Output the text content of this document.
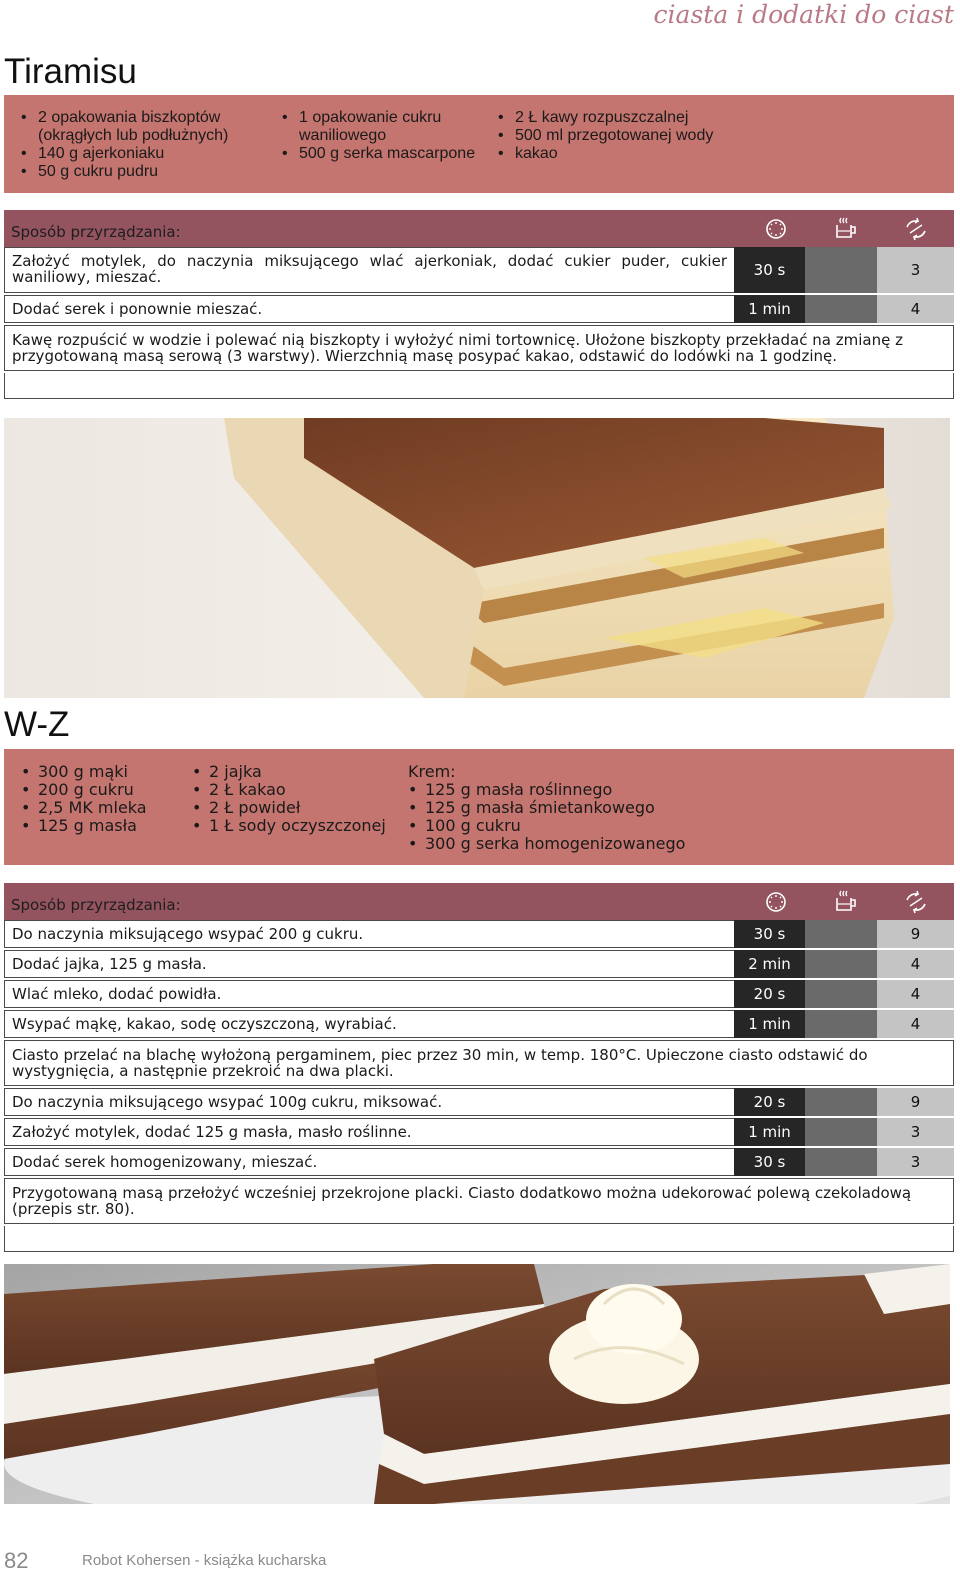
ciasta i dodatki do ciast
Tiramisu
• 2 opakowania biszkoptów (okrągłych lub podłużnych)
• 140 g ajerkoniaku
• 50 g cukru pudru
• 1 opakowanie cukru waniliowego
• 500 g serka mascarpone
• 2 Ł kawy rozpuszczalnej
• 500 ml przegotowanej wody
• kakao
Sposób przyrządzania:
Założyć motylek, do naczynia miksującego wlać ajerkoniak, dodać cukier puder, cukier waniliowy, mieszać.	30 s	3
Dodać serek i ponownie mieszać.	1 min	4
Kawę rozpuścić w wodzie i polewać nią biszkopty i wyłożyć nimi tortownicę. Ułożone biszkopty przekładać na zmianę z przygotowaną masą serową (3 warstwy). Wierzchnią masę posypać kakao, odstawić do lodówki na 1 godzinę.
W-Z
• 300 g mąki
• 200 g cukru
• 2,5 MK mleka
• 125 g masła
• 2 jajka
• 2 Ł kakao
• 2 Ł powideł
• 1 Ł sody oczyszczonej
Krem:
• 125 g masła roślinnego
• 125 g masła śmietankowego
• 100 g cukru
• 300 g serka homogenizowanego
Sposób przyrządzania:
Do naczynia miksującego wsypać 200 g cukru.	30 s	9
Dodać jajka, 125 g masła.	2 min	4
Wlać mleko, dodać powidła.	20 s	4
Wsypać mąkę, kakao, sodę oczyszczoną, wyrabiać.	1 min	4
Ciasto przelać na blachę wyłożoną pergaminem, piec przez 30 min, w temp. 180°C. Upieczone ciasto odstawić do wystygnięcia, a następnie przekroić na dwa placki.
Do naczynia miksującego wsypać 100g cukru, miksować.	20 s	9
Założyć motylek, dodać 125 g masła, masło roślinne.	1 min	3
Dodać serek homogenizowany, mieszać.	30 s	3
Przygotowaną masą przełożyć wcześniej przekrojone placki. Ciasto dodatkowo można udekorować polewą czekoladową (przepis str. 80).
82	Robot Kohersen - książka kucharska
